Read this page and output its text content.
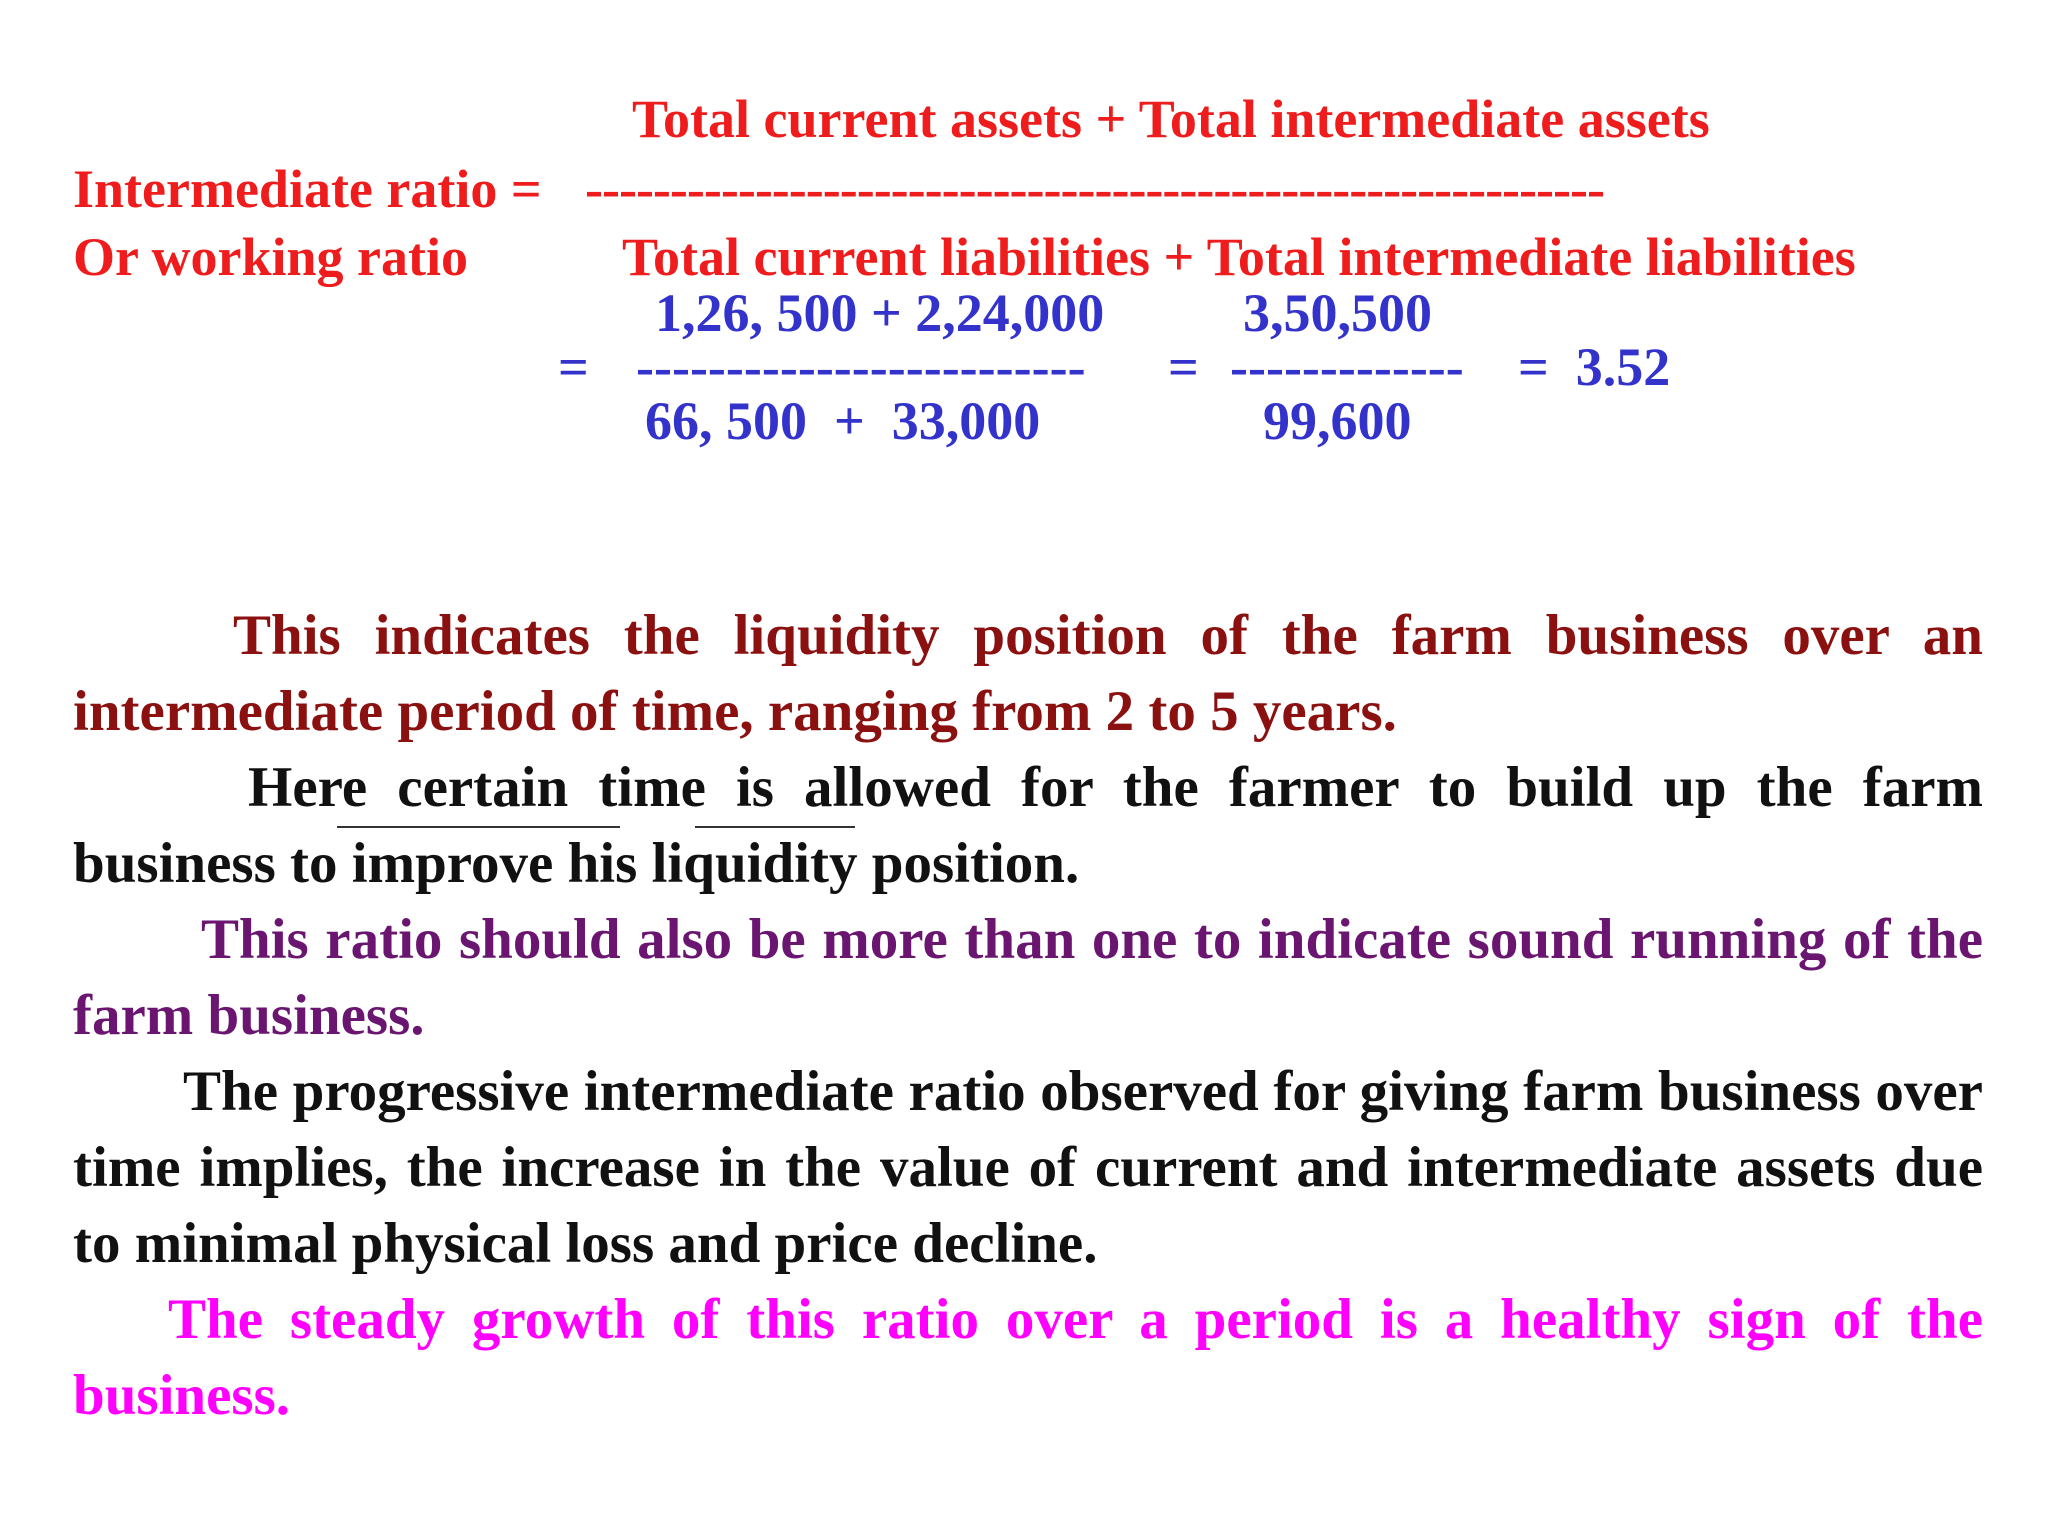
Total current assets + Total intermediate assets
Intermediate ratio = ------------------------------------------------------------
Or working ratio	Total current liabilities + Total intermediate liabilities
1,26, 500 + 2,24,000	3,50,500
= ------------------------- = ------------- =  3.52
66, 500  +  33,000	99,600

This indicates the liquidity position of the farm business over an intermediate period of time, ranging from 2 to 5 years.

Here certain time is allowed for the farmer to build up the farm business to improve his liquidity position.

This ratio should also be more than one to indicate sound running of the farm business.

The progressive intermediate ratio observed for giving farm business over time implies, the increase in the value of current and intermediate assets due to minimal physical loss and price decline.

The steady growth of this ratio over a period is a healthy sign of the business.
